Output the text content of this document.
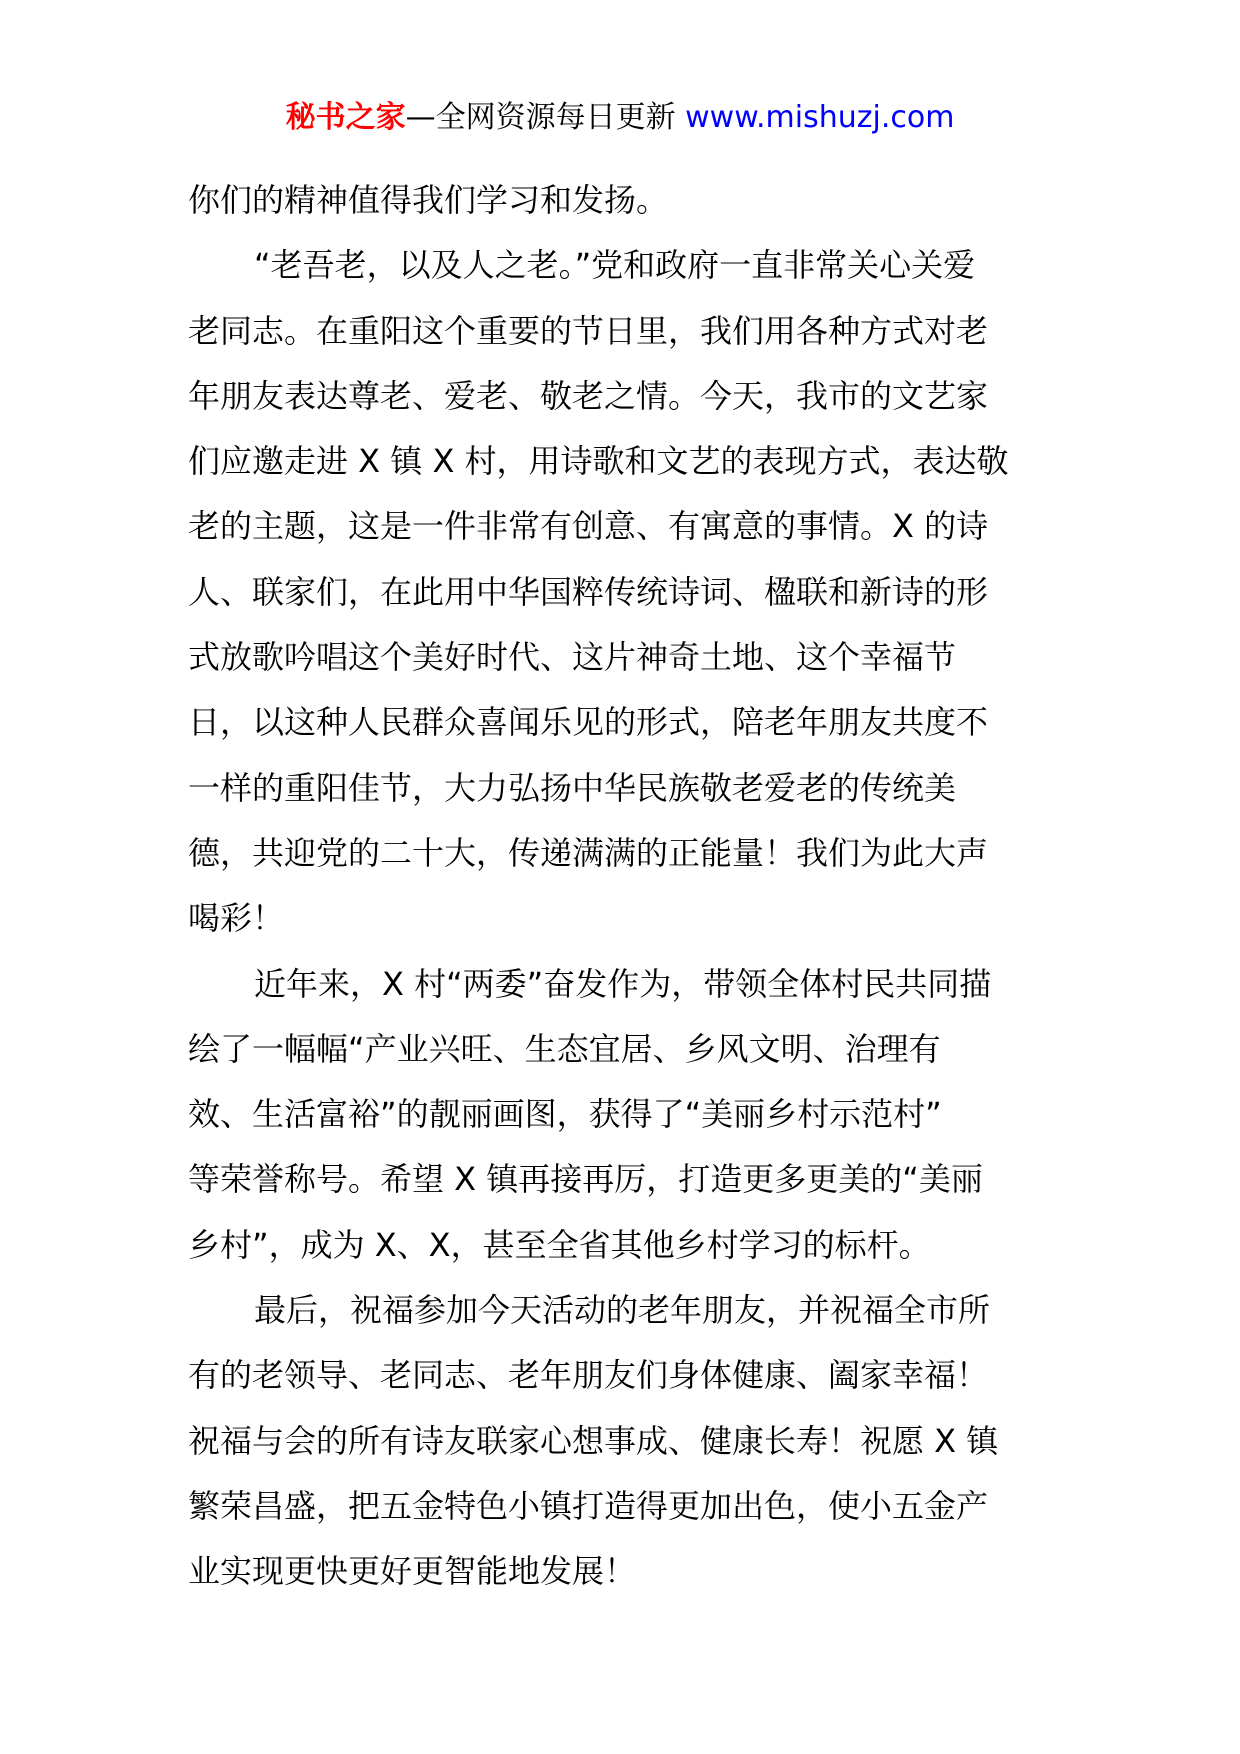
秘书之家—全网资源每日更新 www.mishuzj.com
你们的精神值得我们学习和发扬。
“老吾老，以及人之老。”党和政府一直非常关心关爱
老同志。在重阳这个重要的节日里，我们用各种方式对老
年朋友表达尊老、爱老、敬老之情。今天，我市的文艺家
们应邀走进 X 镇 X 村，用诗歌和文艺的表现方式，表达敬
老的主题，这是一件非常有创意、有寓意的事情。X 的诗
人、联家们，在此用中华国粹传统诗词、楹联和新诗的形
式放歌吟唱这个美好时代、这片神奇土地、这个幸福节
日，以这种人民群众喜闻乐见的形式，陪老年朋友共度不
一样的重阳佳节，大力弘扬中华民族敬老爱老的传统美
德，共迎党的二十大，传递满满的正能量！我们为此大声
喝彩！
近年来，X 村“两委”奋发作为，带领全体村民共同描
绘了一幅幅“产业兴旺、生态宜居、乡风文明、治理有
效、生活富裕”的靓丽画图，获得了“美丽乡村示范村”
等荣誉称号。希望 X 镇再接再厉，打造更多更美的“美丽
乡村”，成为 X、X，甚至全省其他乡村学习的标杆。
最后，祝福参加今天活动的老年朋友，并祝福全市所
有的老领导、老同志、老年朋友们身体健康、阖家幸福！
祝福与会的所有诗友联家心想事成、健康长寿！祝愿 X 镇
繁荣昌盛，把五金特色小镇打造得更加出色，使小五金产
业实现更快更好更智能地发展！
